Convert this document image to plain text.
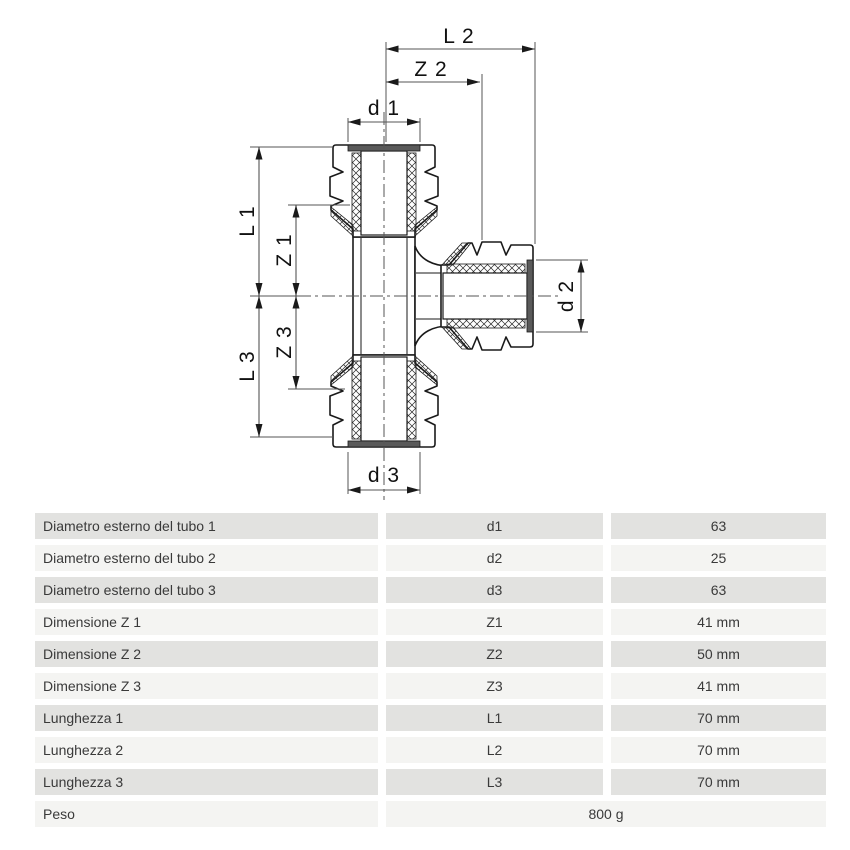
L 2
Z 2
d 1
d 3
L 1
Z 1
Z 3
L 3
d 2
Diametro esterno del tubo 1	d1	63
Diametro esterno del tubo 2	d2	25
Diametro esterno del tubo 3	d3	63
Dimensione Z 1	Z1	41 mm
Dimensione Z 2	Z2	50 mm
Dimensione Z 3	Z3	41 mm
Lunghezza 1	L1	70 mm
Lunghezza 2	L2	70 mm
Lunghezza 3	L3	70 mm
Peso	800 g
